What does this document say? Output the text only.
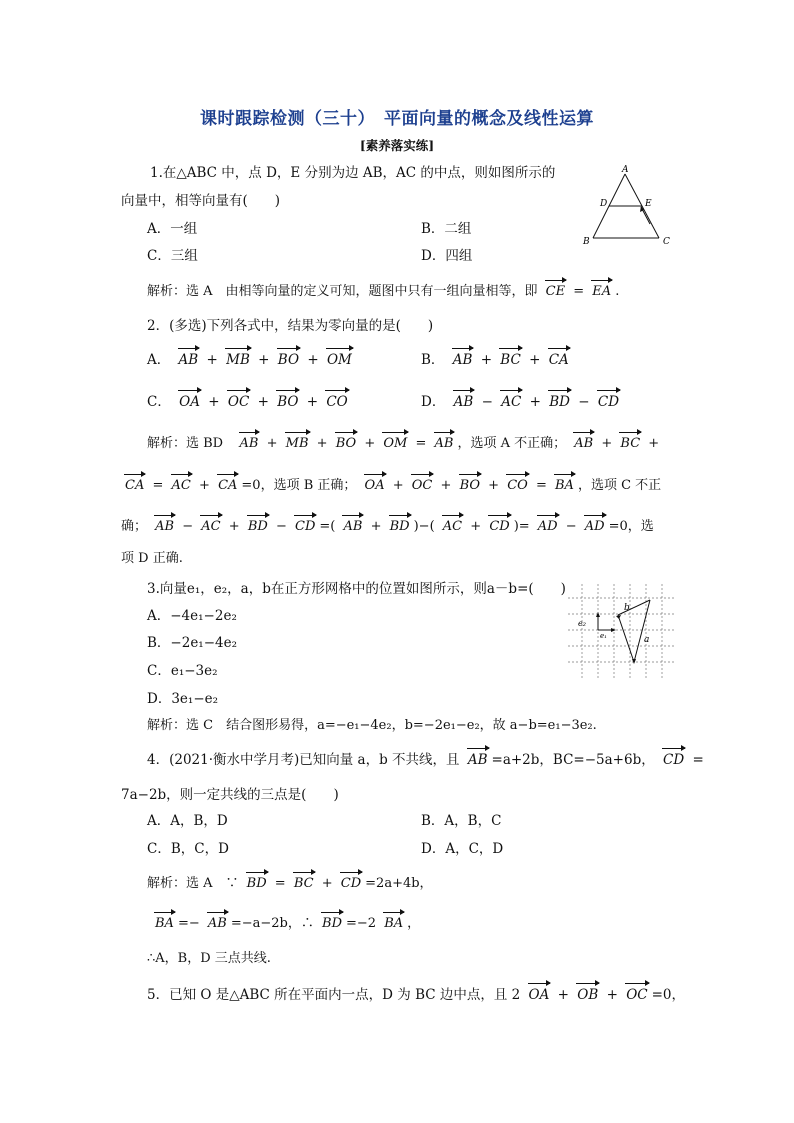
课时跟踪检测（三十）　平面向量的概念及线性运算
[素养落实练]
1.在△ABC 中，点 D，E 分别为边 AB，AC 的中点，则如图所示的
向量中，相等向量有(　　)
A．一组	B．二组
C．三组	D．四组
A
D	E
B	C
解析：选 A　由相等向量的定义可知，题图中只有一组向量相等，即 CE = EA .
2．(多选)下列各式中，结果为零向量的是(　　)
A． AB + MB + BO + OM	B． AB + BC + CA
C． OA + OC + BO + CO	D． AB − AC + BD − CD
解析：选 BD AB + MB + BO + OM = AB ，选项 A 不正确； AB + BC +
CA = AC + CA =0，选项 B 正确； OA + OC + BO + CO = BA ，选项 C 不正
确； AB − AC + BD − CD =( AB + BD )−( AC + CD )= AD − AD =0，选
项 D 正确.
3.向量e₁，e₂，a，b在正方形网格中的位置如图所示，则a－b=(　　)
A．−4e₁−2e₂
B．−2e₁−4e₂
C．e₁−3e₂
D．3e₁−e₂
e₂
e₁
b
a
解析：选 C　结合图形易得，a=−e₁−4e₂，b=−2e₁−e₂，故 a−b=e₁−3e₂.
4．(2021·衡水中学月考)已知向量 a，b 不共线，且 AB =a+2b，BC=−5a+6b， CD =
7a−2b，则一定共线的三点是(　　)
A．A，B，D	B．A，B，C
C．B，C，D	D．A，C，D
解析：选 A　∵ BD = BC + CD =2a+4b，
BA =− AB =−a−2b，∴ BD =−2 BA ，
∴A，B，D 三点共线.
5．已知 O 是△ABC 所在平面内一点，D 为 BC 边中点，且 2 OA + OB + OC =0，
